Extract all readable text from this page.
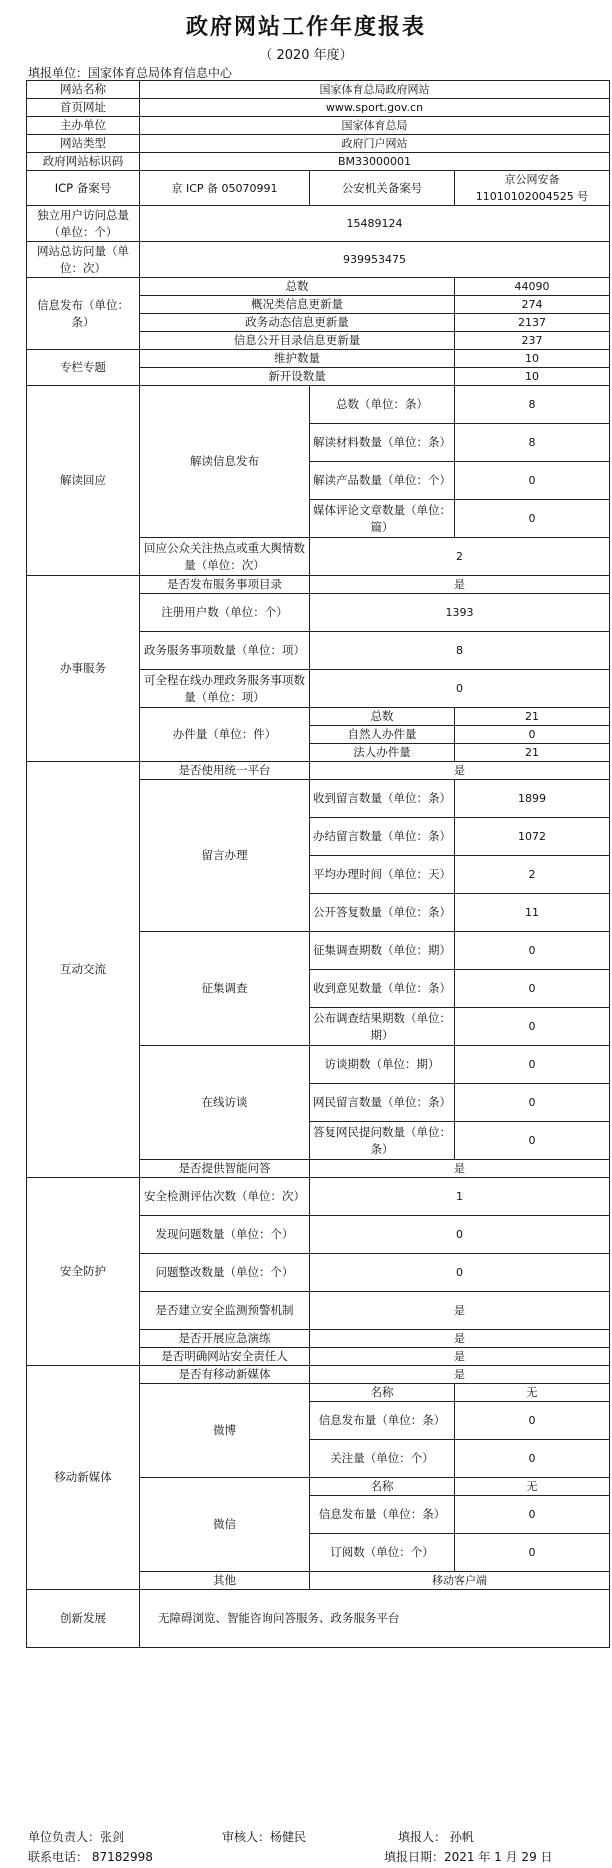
政府网站工作年度报表
（ 2020 年度）
填报单位：国家体育总局体育信息中心
网站名称	国家体育总局政府网站		
首页网址	www.sport.gov.cn		
主办单位	国家体育总局		
网站类型	政府门户网站		
政府网站标识码	BM33000001		
ICP 备案号	京 ICP 备 05070991	公安机关备案号	京公网安备 11010102004525 号
独立用户访问总量（单位：个）	15489124		
网站总访问量（单位：次）	939953475		
信息发布（单位：条）	总数		44090
	概况类信息更新量		274
	政务动态信息更新量		2137
	信息公开目录信息更新量		237
专栏专题	维护数量		10
	新开设数量		10
解读回应	解读信息发布	总数（单位：条）	8
		解读材料数量（单位：条）	8
		解读产品数量（单位：个）	0
		媒体评论文章数量（单位：篇）	0
	回应公众关注热点或重大舆情数量（单位：次）	2	
办事服务	是否发布服务事项目录	是	
	注册用户数（单位：个）	1393	
	政务服务事项数量（单位：项）	8	
	可全程在线办理政务服务事项数量（单位：项）	0	
	办件量（单位：件）	总数	21
		自然人办件量	0
		法人办件量	21
互动交流	是否使用统一平台	是	
	留言办理	收到留言数量（单位：条）	1899
		办结留言数量（单位：条）	1072
		平均办理时间（单位：天）	2
		公开答复数量（单位：条）	11
	征集调查	征集调查期数（单位：期）	0
		收到意见数量（单位：条）	0
		公布调查结果期数（单位：期）	0
	在线访谈	访谈期数（单位：期）	0
		网民留言数量（单位：条）	0
		答复网民提问数量（单位：条）	0
	是否提供智能问答	是	
安全防护	安全检测评估次数（单位：次）	1	
	发现问题数量（单位：个）	0	
	问题整改数量（单位：个）	0	
	是否建立安全监测预警机制	是	
	是否开展应急演练	是	
	是否明确网站安全责任人	是	
移动新媒体	是否有移动新媒体	是	
	微博	名称	无
		信息发布量（单位：条）	0
		关注量（单位：个）	0
	微信	名称	无
		信息发布量（单位：条）	0
		订阅数（单位：个）	0
	其他	移动客户端	
创新发展	无障碍浏览、智能咨询问答服务、政务服务平台		
单位负责人：张剑	审核人：杨健民	填报人： 孙帆
联系电话： 87182998	填报日期：2021 年 1 月 29 日
